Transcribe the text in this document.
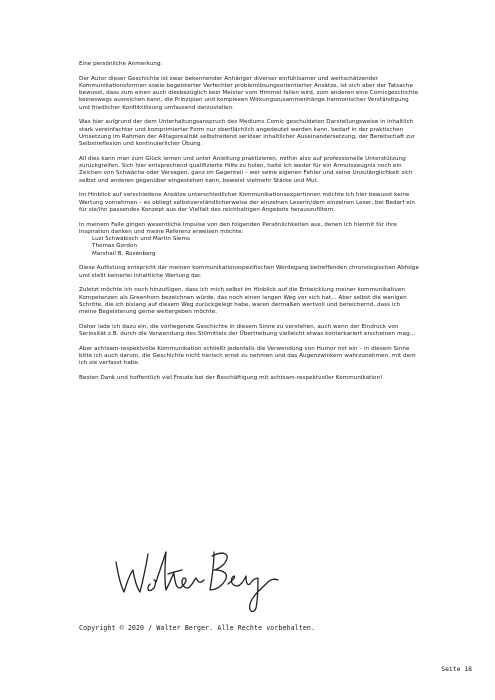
Eine persönliche Anmerkung:

Der Autor dieser Geschichte ist zwar bekennender Anhänger diverser einfühlsamer und wertschätzender Kommunikationsformen sowie begeisterter Verfechter problemlösungsorientierter Ansätze, ist sich aber der Tatsache bewusst, dass zum einen auch diesbezüglich kein Meister vom Himmel fallen wird, zum anderen eine Comicgeschichte keineswegs ausreichen kann, die Prinzipien und komplexen Wirkungszusammenhänge harmonischer Verständigung und friedlicher Konfliktlösung umfassend darzustellen.

Was hier aufgrund der dem Unterhaltungsanspruch des Mediums Comic geschuldeten Darstellungsweise in inhaltlich stark vereinfachter und komprimierter Form nur oberflächlich angedeutet werden kann, bedarf in der praktischen Umsetzung im Rahmen der Alltagsrealität selbstredend seriöser inhaltlicher Auseinandersetzung, der Bereitschaft zur Selbstreflexion und kontinuierlicher Übung.

All dies kann man zum Glück lernen und unter Anleitung praktizieren, mithin also auf professionelle Unterstützung zurückgreifen. Sich hier entsprechend qualifizierte Hilfe zu holen, halte ich weder für ein Armutszeugnis noch ein Zeichen von Schwäche oder Versagen, ganz im Gegenteil – wer seine eigenen Fehler und seine Unzulänglichkeit sich selbst und anderen gegenüber eingestehen kann, beweist vielmehr Stärke und Mut.

Im Hinblick auf verschiedene Ansätze unterschiedlicher Kommunikationsexpertinnen möchte ich hier bewusst keine Wertung vornehmen – es obliegt selbstverständlicherweise der einzelnen Leserin/dem einzelnen Leser, bei Bedarf ein für sie/ihn passendes Konzept aus der Vielfalt des reichhaltigen Angebots herauszufiltern.

In meinem Falle gingen wesentliche Impulse von den folgenden Persönlichkeiten aus, denen ich hiermit für ihre Inspiration danken und meine Referenz erweisen möchte:

Luzi Schwäbisch und Martin Siems
Thomas Gordon
Marshall B. Rosenberg

Diese Auflistung entspricht der meinen kommunikationsspezifischen Werdegang betreffenden chronologischen Abfolge und stellt keinerlei inhaltliche Wertung dar.

Zuletzt möchte ich noch hinzufügen, dass ich mich selbst im Hinblick auf die Entwicklung meiner kommunikativen Kompetenzen als Greenhorn bezeichnen würde, das noch einen langen Weg vor sich hat... Aber selbst die wenigen Schritte, die ich bislang auf diesem Weg zurückgelegt habe, waren dermaßen wertvoll und bereichernd, dass ich meine Begeisterung gerne weitergeben möchte.

Daher lade ich dazu ein, die vorliegende Geschichte in diesem Sinne zu verstehen, auch wenn der Eindruck von Seriosität z.B. durch die Verwendung des Stilmittels der Übertreibung vielleicht etwas konterkariert erscheinen mag...

Aber achtsam-respektvolle Kommunikation schließt jedenfalls die Verwendung von Humor mit ein – in diesem Sinne bitte ich auch darum, die Geschichte nicht tierisch ernst zu nehmen und das Augenzwinkern wahrzunehmen, mit dem ich sie verfasst habe.

Besten Dank und hoffentlich viel Freude bei der Beschäftigung mit achtsam-respektvoller Kommunikation!

Copyright © 2020 / Walter Berger. Alle Rechte vorbehalten.
Seite 18
